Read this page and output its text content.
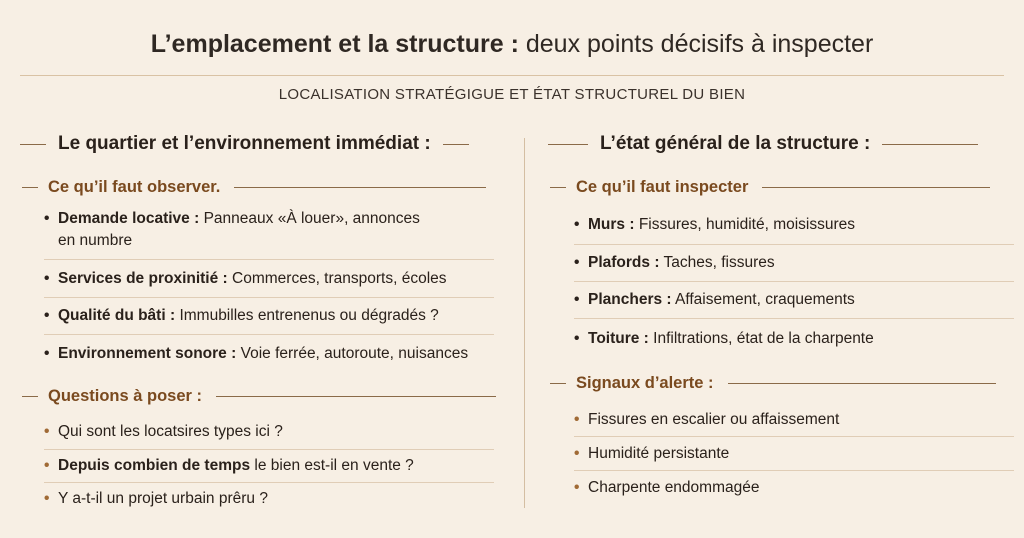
L’emplacement et la structure : deux points décisifs à inspecter
LOCALISATION STRATÉGIGUE ET ÉTAT STRUCTUREL DU BIEN
Le quartier et l’environnement immédiat :
Ce qu’il faut observer.
• Demande locative : Panneaux «À louer», annonces
en numbre
• Services de proxinitié : Commerces, transports, écoles
• Qualité du bâti : Immubilles entrenenus ou dégradés ?
• Environnement sonore : Voie ferrée, autoroute, nuisances
Questions à poser :
• Qui sont les locatsires types ici ?
• Depuis combien de temps le bien est-il en vente ?
• Y a-t-il un projet urbain prêru ?
L’état général de la structure :
Ce qu’il faut inspecter
• Murs : Fissures, humidité, moisissures
• Plafords : Taches, fissures
• Planchers : Affaisement, craquements
• Toiture : Infiltrations, état de la charpente
Signaux d’alerte :
• Fissures en escalier ou affaissement
• Humidité persistante
• Charpente endommagée
